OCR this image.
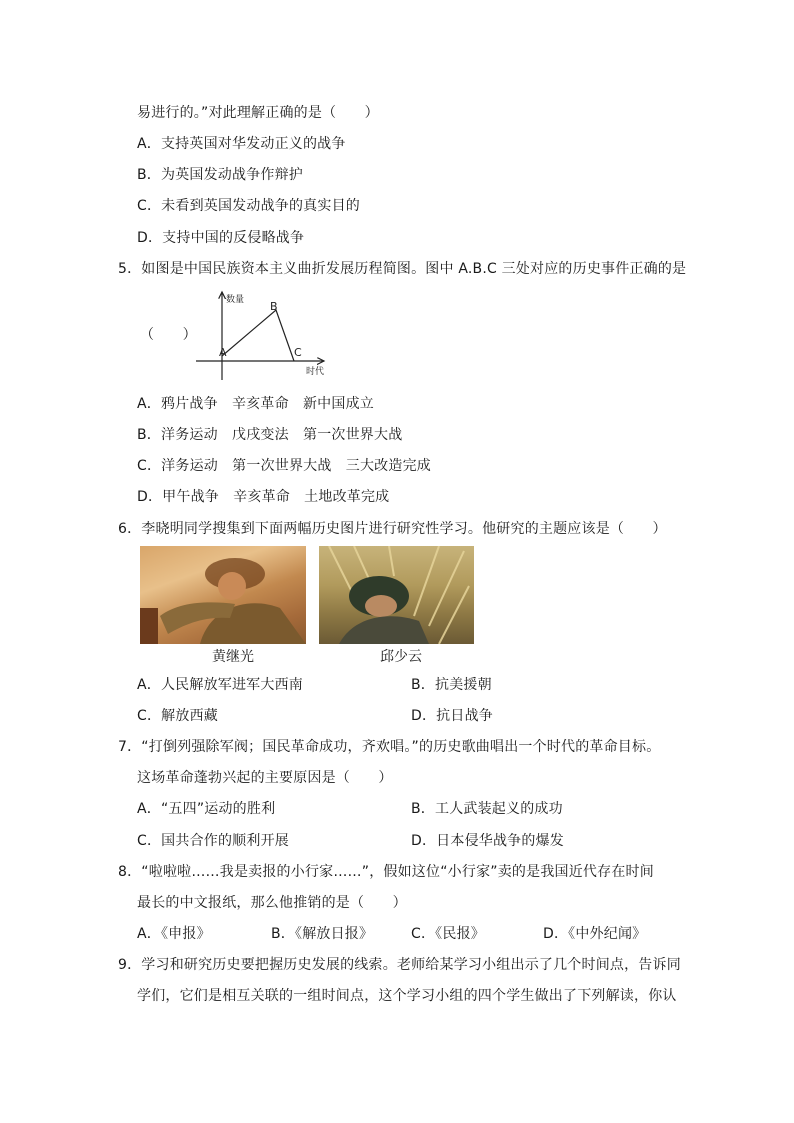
易进行的。”对此理解正确的是（　　）
A．支持英国对华发动正义的战争
B．为英国发动战争作辩护
C．未看到英国发动战争的真实目的
D．支持中国的反侵略战争
5．如图是中国民族资本主义曲折发展历程简图。图中 A.B.C 三处对应的历史事件正确的是
（　　）
数量
时代
A
B
C
A．鸦片战争　辛亥革命　新中国成立
B．洋务运动　戊戌变法　第一次世界大战
C．洋务运动　第一次世界大战　三大改造完成
D．甲午战争　辛亥革命　土地改革完成
6．李晓明同学搜集到下面两幅历史图片进行研究性学习。他研究的主题应该是（　　）
黄继光	邱少云
A．人民解放军进军大西南	B．抗美援朝
C．解放西藏	D．抗日战争
7．“打倒列强除军阀；国民革命成功，齐欢唱。”的历史歌曲唱出一个时代的革命目标。
这场革命蓬勃兴起的主要原因是（　　）
A．“五四”运动的胜利	B．工人武装起义的成功
C．国共合作的顺利开展	D．日本侵华战争的爆发
8．“啦啦啦……我是卖报的小行家……”，假如这位“小行家”卖的是我国近代存在时间
最长的中文报纸，那么他推销的是（　　）
A．《申报》	B．《解放日报》	C．《民报》	D．《中外纪闻》
9．学习和研究历史要把握历史发展的线索。老师给某学习小组出示了几个时间点，告诉同
学们，它们是相互关联的一组时间点，这个学习小组的四个学生做出了下列解读，你认
